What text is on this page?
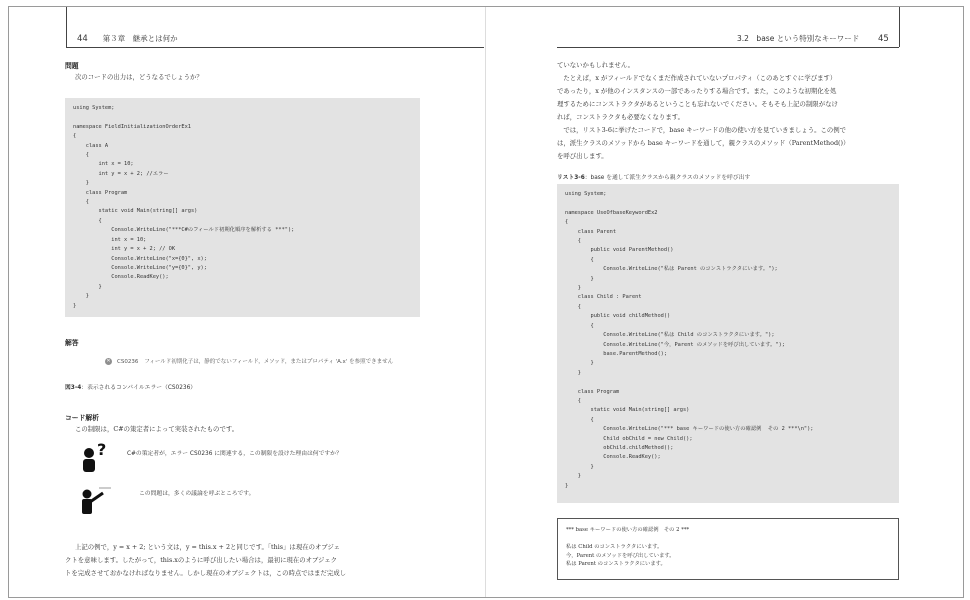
44 第３章　継承とは何か
問題
次のコードの出力は，どうなるでしょうか？
using System;

namespace FieldInitializationOrderEx1
{
class A
{
int x = 10;
int y = x + 2; //エラー
}
class Program
{
static void Main(string[] args)
{
Console.WriteLine("***C#のフィールド初期化順序を解析する ***");
int x = 10;
int y = x + 2; // OK
Console.WriteLine("x={0}", x);
Console.WriteLine("y={0}", y);
Console.ReadKey();
}
}
}
解答
✕ CS0236 フィールド初期化子は，静的でないフィールド，メソッド，またはプロパティ 'A.x' を参照できません
図3-4：表示されるコンパイルエラー（CS0236）
コード解析
この制限は，C#の策定者によって実装されたものです。
?	C#の策定者が，エラー CS0236 に関連する，この制限を設けた理由は何ですか？
この問題は，多くの議論を呼ぶところです。
上記の例で，y = x + 2; という文は，y = this.x + 2と同じです。「this」は現在のオブジェ
クトを意味します。したがって，this.xのように呼び出したい場合は，最初に現在のオブジェク
トを完成させておかなければなりません。しかし現在のオブジェクトは，この時点ではまだ完成し
3.2　base という特別なキーワード 45
ていないかもしれません。
　たとえば，x がフィールドでなくまだ作成されていないプロパティ（このあとすぐに学びます）
であったり，x が他のインスタンスの一部であったりする場合です。また，このような初期化を処
理するためにコンストラクタがあるということも忘れないでください。そもそも上記の制限がなけ
れば，コンストラクタも必要なくなります。
　では，リスト3-6に挙げたコードで，base キーワードの他の使い方を見ていきましょう。この例で
は，派生クラスのメソッドから base キーワードを通して，親クラスのメソッド（ParentMethod()）
を呼び出します。
リスト3-6：base を通して派生クラスから親クラスのメソッドを呼び出す
using System;

namespace UseOfbaseKeywordEx2
{
class Parent
{
public void ParentMethod()
{
Console.WriteLine("私は Parent のコンストラクタにいます。");
}
}
class Child : Parent
{
public void childMethod()
{
Console.WriteLine("私は Child のコンストラクタにいます。");
Console.WriteLine("今，Parent のメソッドを呼び出しています。");
base.ParentMethod();
}
}

class Program
{
static void Main(string[] args)
{
Console.WriteLine("*** base キーワードの使い方の確認例  その 2 ***\n");
Child obChild = new Child();
obChild.childMethod();
Console.ReadKey();
}
}
}
*** base キーワードの使い方の確認例　その 2 ***

私は Child のコンストラクタにいます。
今，Parent のメソッドを呼び出しています。
私は Parent のコンストラクタにいます。
